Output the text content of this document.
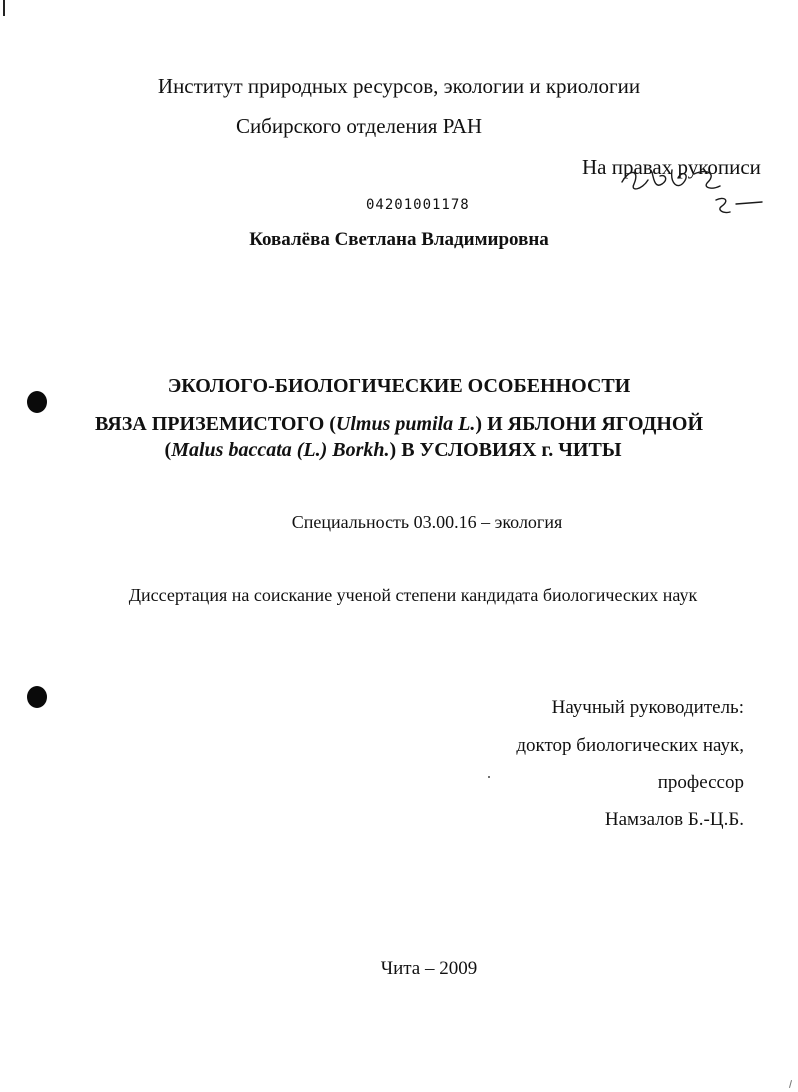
Институт природных ресурсов, экологии и криологии
Сибирского отделения РАН
На правах рукописи
04201001178
Ковалёва Светлана Владимировна
ЭКОЛОГО-БИОЛОГИЧЕСКИЕ ОСОБЕННОСТИ
ВЯЗА ПРИЗЕМИСТОГО (Ulmus pumila L.) И ЯБЛОНИ ЯГОДНОЙ
(Malus baccata (L.) Borkh.) В УСЛОВИЯХ г. ЧИТЫ
Специальность 03.00.16 – экология
Диссертация на соискание ученой степени кандидата биологических наук
Научный руководитель:
доктор биологических наук,
профессор
Намзалов Б.-Ц.Б.
Чита – 2009
